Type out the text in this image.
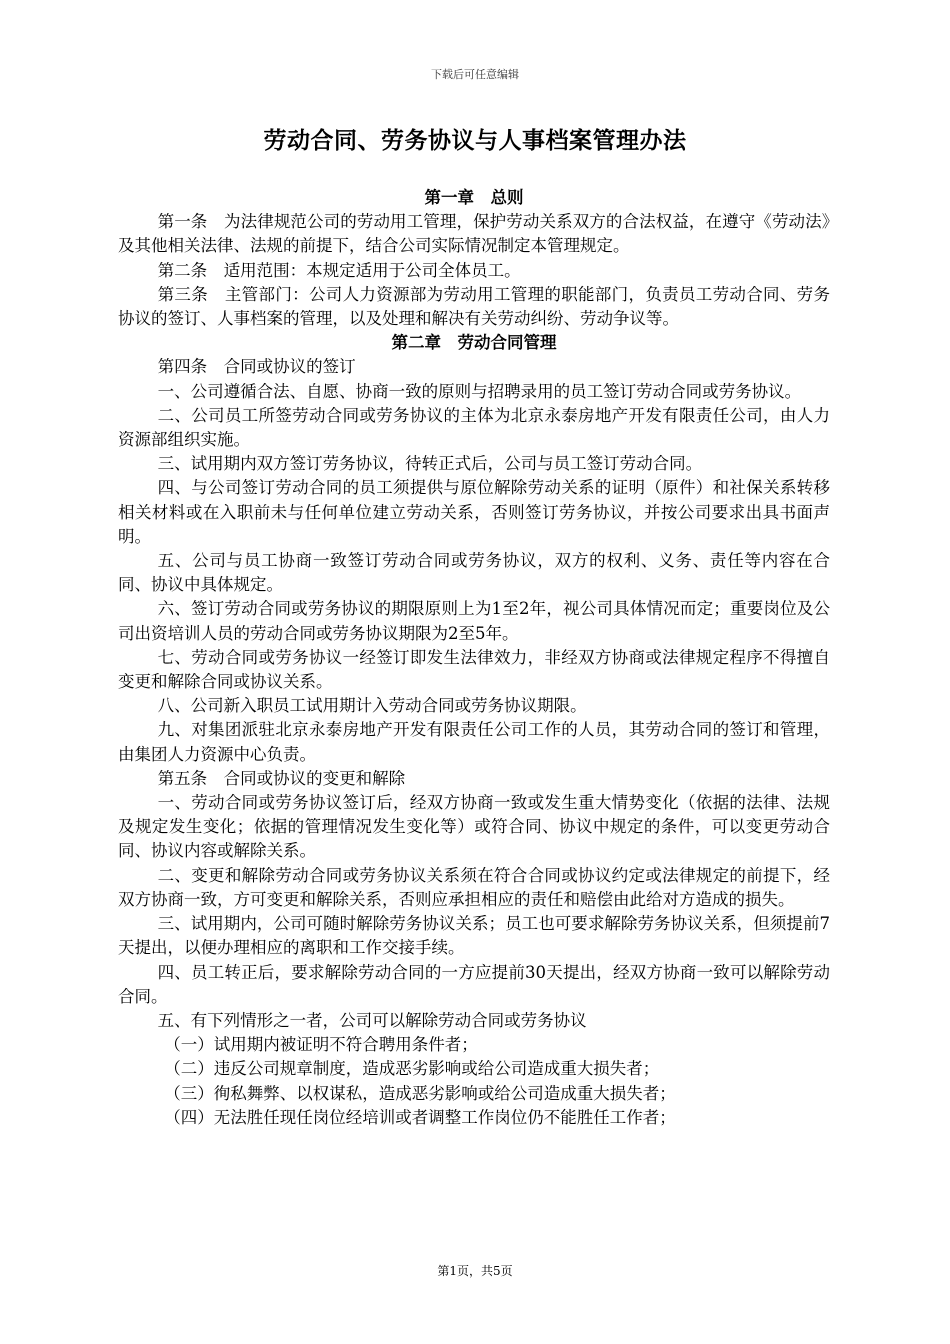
下载后可任意编辑
劳动合同、劳务协议与人事档案管理办法

第一章　总则

第一条　为法律规范公司的劳动用工管理，保护劳动关系双方的合法权益，在遵守《劳动法》及其他相关法律、法规的前提下，结合公司实际情况制定本管理规定。

第二条　适用范围：本规定适用于公司全体员工。

第三条　主管部门：公司人力资源部为劳动用工管理的职能部门，负责员工劳动合同、劳务协议的签订、人事档案的管理，以及处理和解决有关劳动纠纷、劳动争议等。

第二章　劳动合同管理

第四条　合同或协议的签订

一、公司遵循合法、自愿、协商一致的原则与招聘录用的员工签订劳动合同或劳务协议。

二、公司员工所签劳动合同或劳务协议的主体为北京永泰房地产开发有限责任公司，由人力资源部组织实施。

三、试用期内双方签订劳务协议，待转正式后，公司与员工签订劳动合同。

四、与公司签订劳动合同的员工须提供与原位解除劳动关系的证明（原件）和社保关系转移相关材料或在入职前未与任何单位建立劳动关系，否则签订劳务协议，并按公司要求出具书面声明。

五、公司与员工协商一致签订劳动合同或劳务协议，双方的权利、义务、责任等内容在合同、协议中具体规定。

六、签订劳动合同或劳务协议的期限原则上为1至2年，视公司具体情况而定；重要岗位及公司出资培训人员的劳动合同或劳务协议期限为2至5年。

七、劳动合同或劳务协议一经签订即发生法律效力，非经双方协商或法律规定程序不得擅自变更和解除合同或协议关系。

八、公司新入职员工试用期计入劳动合同或劳务协议期限。

九、对集团派驻北京永泰房地产开发有限责任公司工作的人员，其劳动合同的签订和管理，由集团人力资源中心负责。

第五条　合同或协议的变更和解除

一、劳动合同或劳务协议签订后，经双方协商一致或发生重大情势变化（依据的法律、法规及规定发生变化；依据的管理情况发生变化等）或符合同、协议中规定的条件，可以变更劳动合同、协议内容或解除关系。

二、变更和解除劳动合同或劳务协议关系须在符合合同或协议约定或法律规定的前提下，经双方协商一致，方可变更和解除关系，否则应承担相应的责任和赔偿由此给对方造成的损失。

三、试用期内，公司可随时解除劳务协议关系；员工也可要求解除劳务协议关系，但须提前7天提出，以便办理相应的离职和工作交接手续。

四、员工转正后，要求解除劳动合同的一方应提前30天提出，经双方协商一致可以解除劳动合同。

五、有下列情形之一者，公司可以解除劳动合同或劳务协议

（一）试用期内被证明不符合聘用条件者；

（二）违反公司规章制度，造成恶劣影响或给公司造成重大损失者；

（三）徇私舞弊、以权谋私，造成恶劣影响或给公司造成重大损失者；

（四）无法胜任现任岗位经培训或者调整工作岗位仍不能胜任工作者；

第1页，共5页
